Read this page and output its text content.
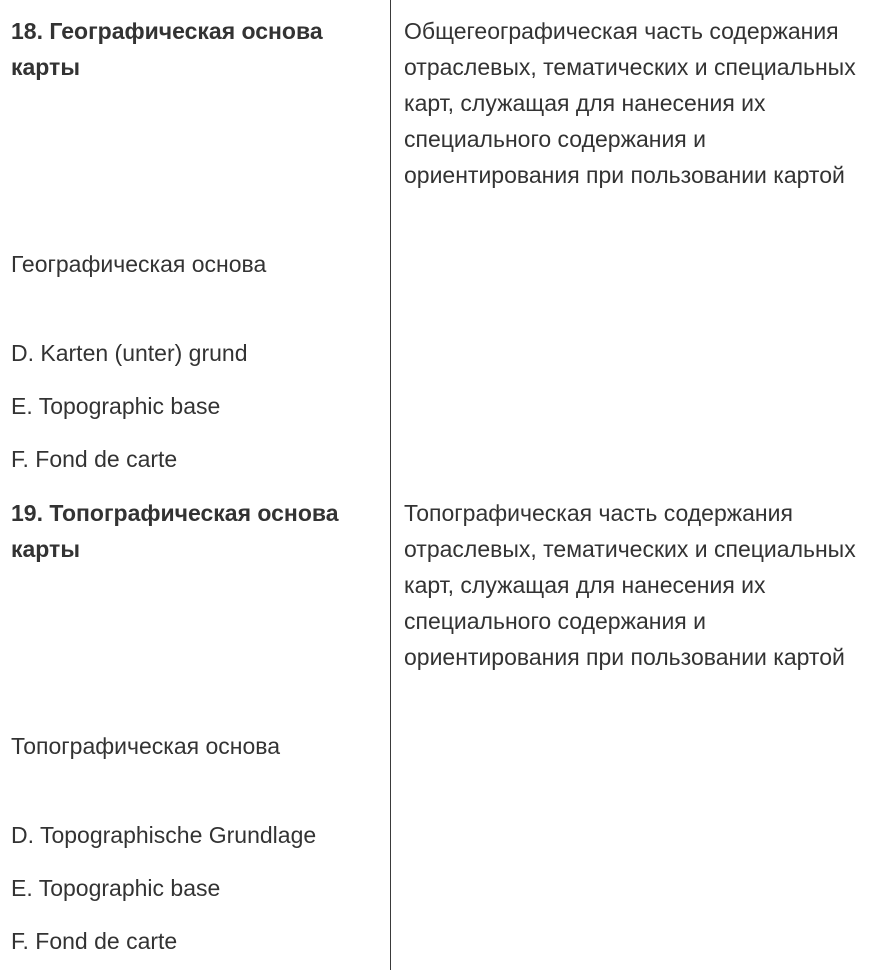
18. Географическая основа карты

Общегеографическая часть содержания отраслевых, тематических и специальных карт, служащая для нанесения их специального содержания и ориентирования при пользовании картой

Географическая основа

D. Karten (unter) grund

E. Topographic base

F. Fond de carte

19. Топографическая основа карты

Топографическая часть содержания отраслевых, тематических и специальных карт, служащая для нанесения их специального содержания и ориентирования при пользовании картой

Топографическая основа

D. Topographische Grundlage

E. Topographic base

F. Fond de carte
